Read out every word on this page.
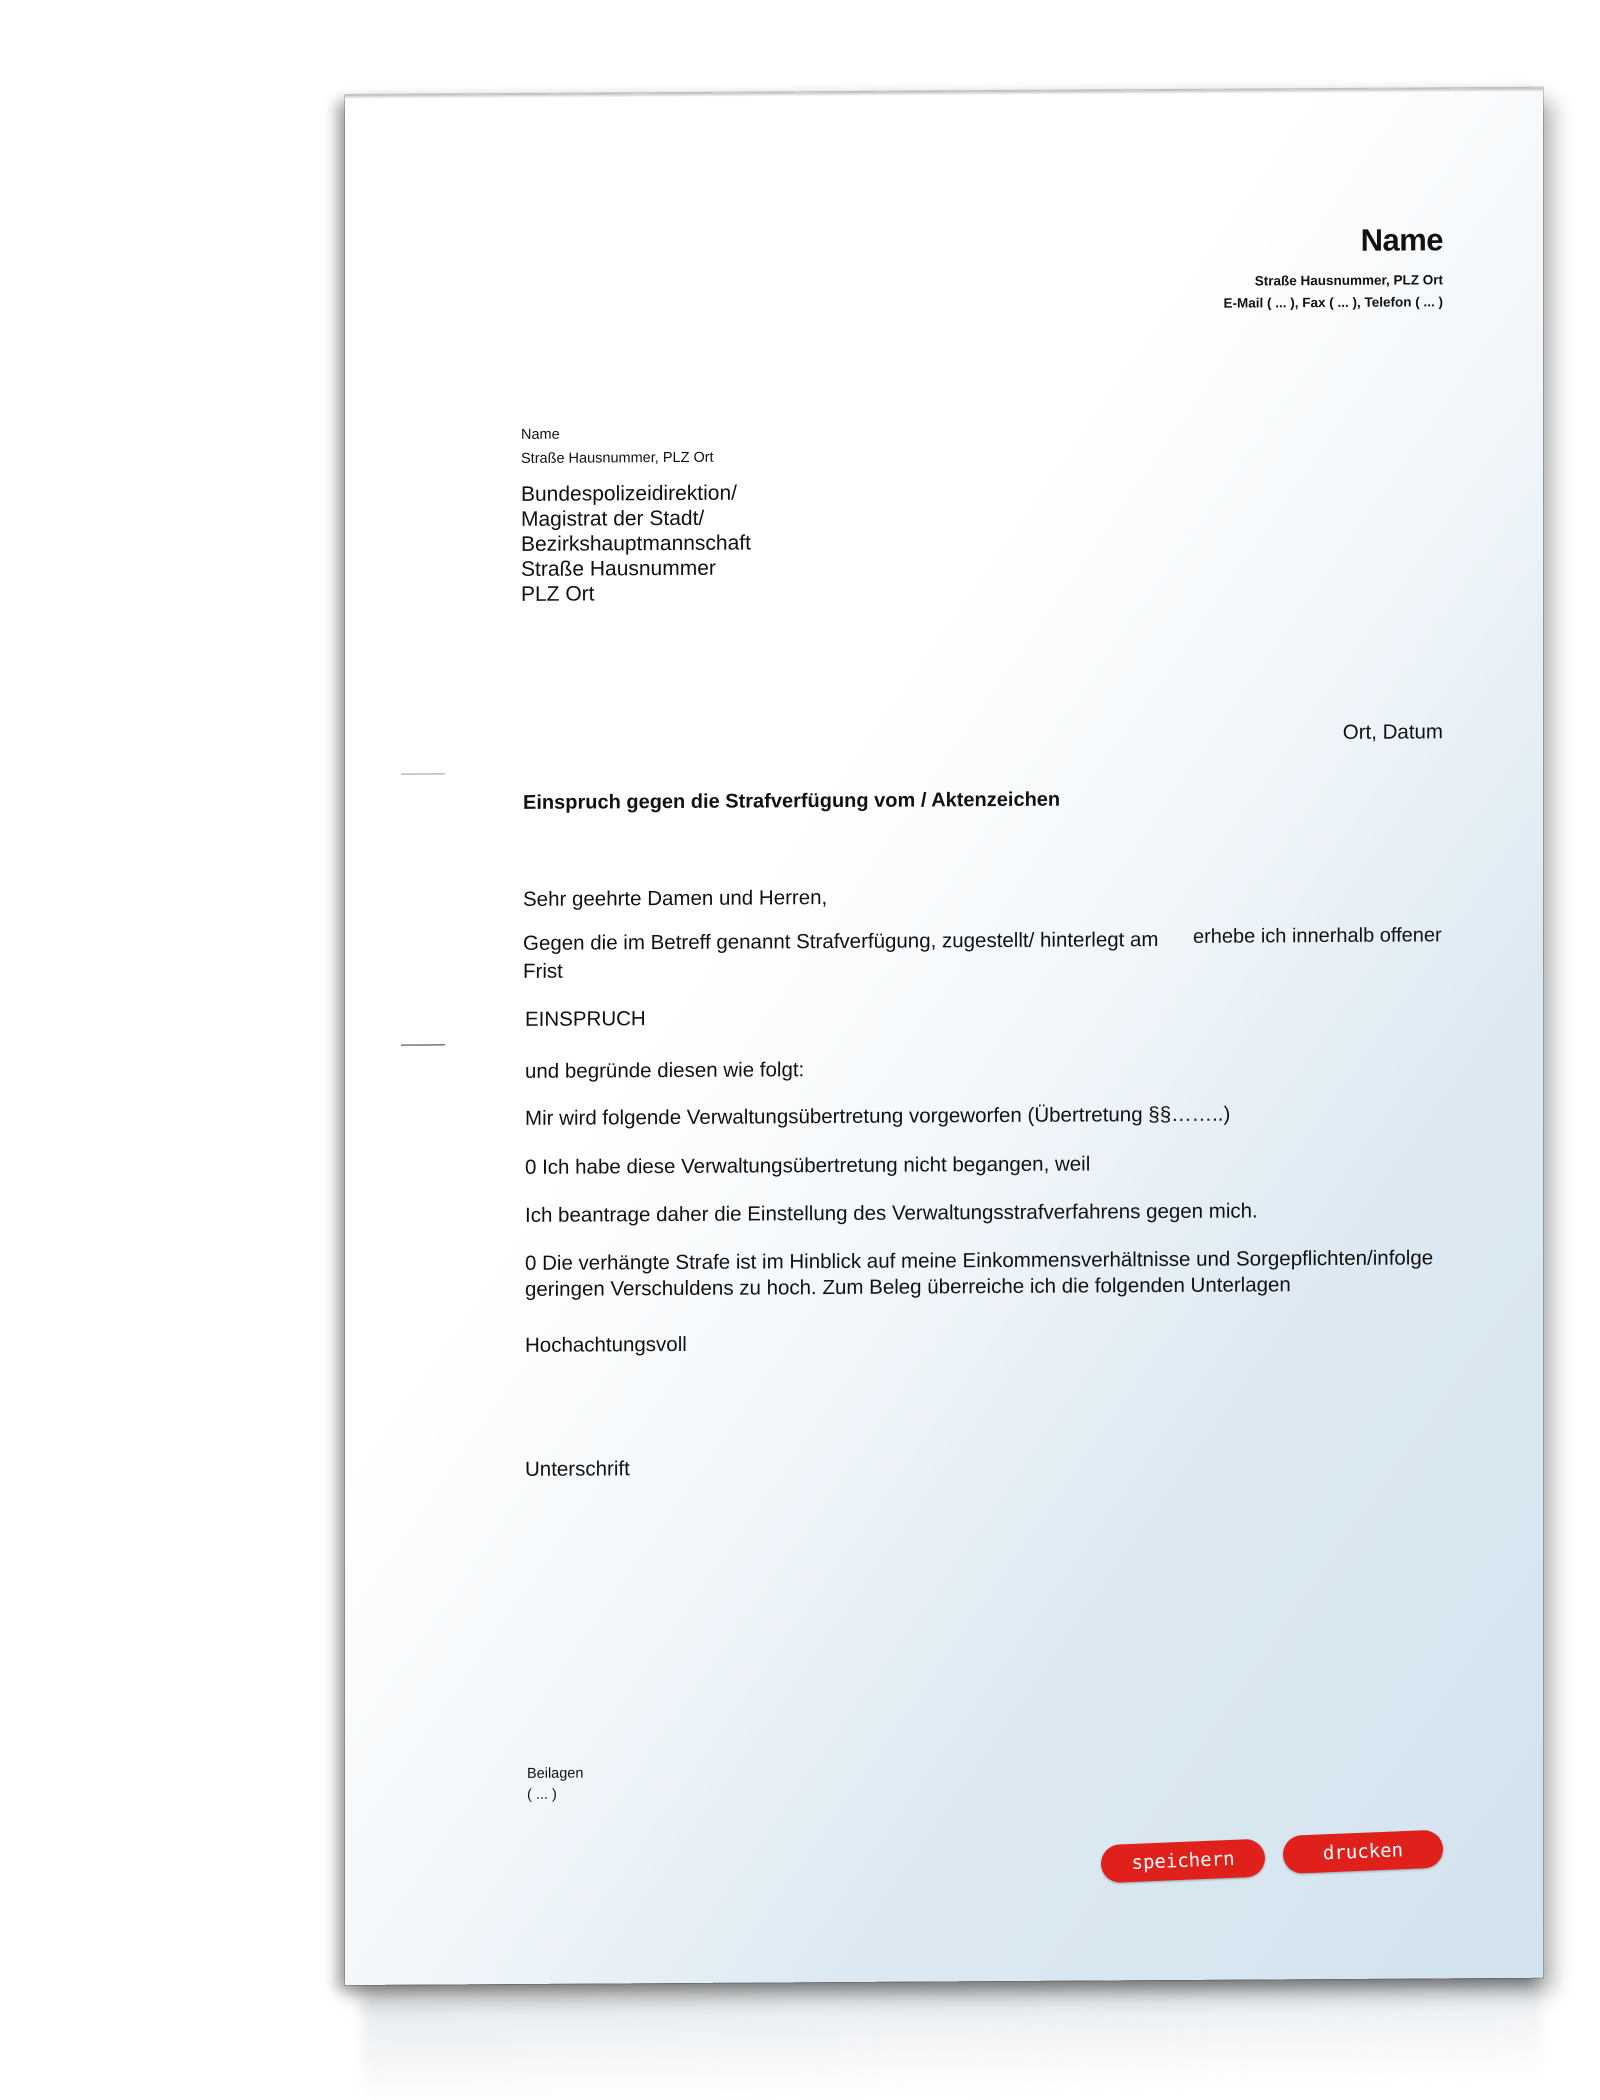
Name
Straße Hausnummer, PLZ Ort
E-Mail ( ... ), Fax ( ... ), Telefon ( ... )
Name
Straße Hausnummer, PLZ Ort
Bundespolizeidirektion/
Magistrat der Stadt/
Bezirkshauptmannschaft
Straße Hausnummer
PLZ Ort
Ort, Datum
Einspruch gegen die Strafverfügung vom / Aktenzeichen
Sehr geehrte Damen und Herren,
Gegen die im Betreff genannt Strafverfügung, zugestellt/ hinterlegt am erhebe ich innerhalb offener
Frist
EINSPRUCH
und begründe diesen wie folgt:
Mir wird folgende Verwaltungsübertretung vorgeworfen (Übertretung §§……..)
0 Ich habe diese Verwaltungsübertretung nicht begangen, weil
Ich beantrage daher die Einstellung des Verwaltungsstrafverfahrens gegen mich.
0 Die verhängte Strafe ist im Hinblick auf meine Einkommensverhältnisse und Sorgepflichten/infolge
geringen Verschuldens zu hoch. Zum Beleg überreiche ich die folgenden Unterlagen
Hochachtungsvoll
Unterschrift
Beilagen
( ... )
speichern	drucken
